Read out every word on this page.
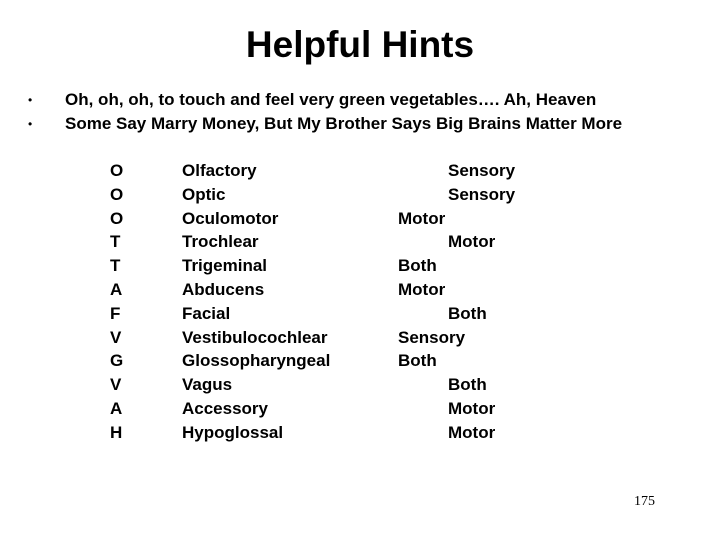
Helpful Hints
• Oh, oh, oh, to touch and feel very green vegetables…. Ah, Heaven
• Some Say Marry Money, But My Brother Says Big Brains Matter More
O	Olfactory	Sensory
O	Optic	Sensory
O	Oculomotor	Motor
T	Trochlear	Motor
T	Trigeminal	Both
A	Abducens	Motor
F	Facial	Both
V	Vestibulocochlear	Sensory
G	Glossopharyngeal	Both
V	Vagus	Both
A	Accessory	Motor
H	Hypoglossal	Motor
175
